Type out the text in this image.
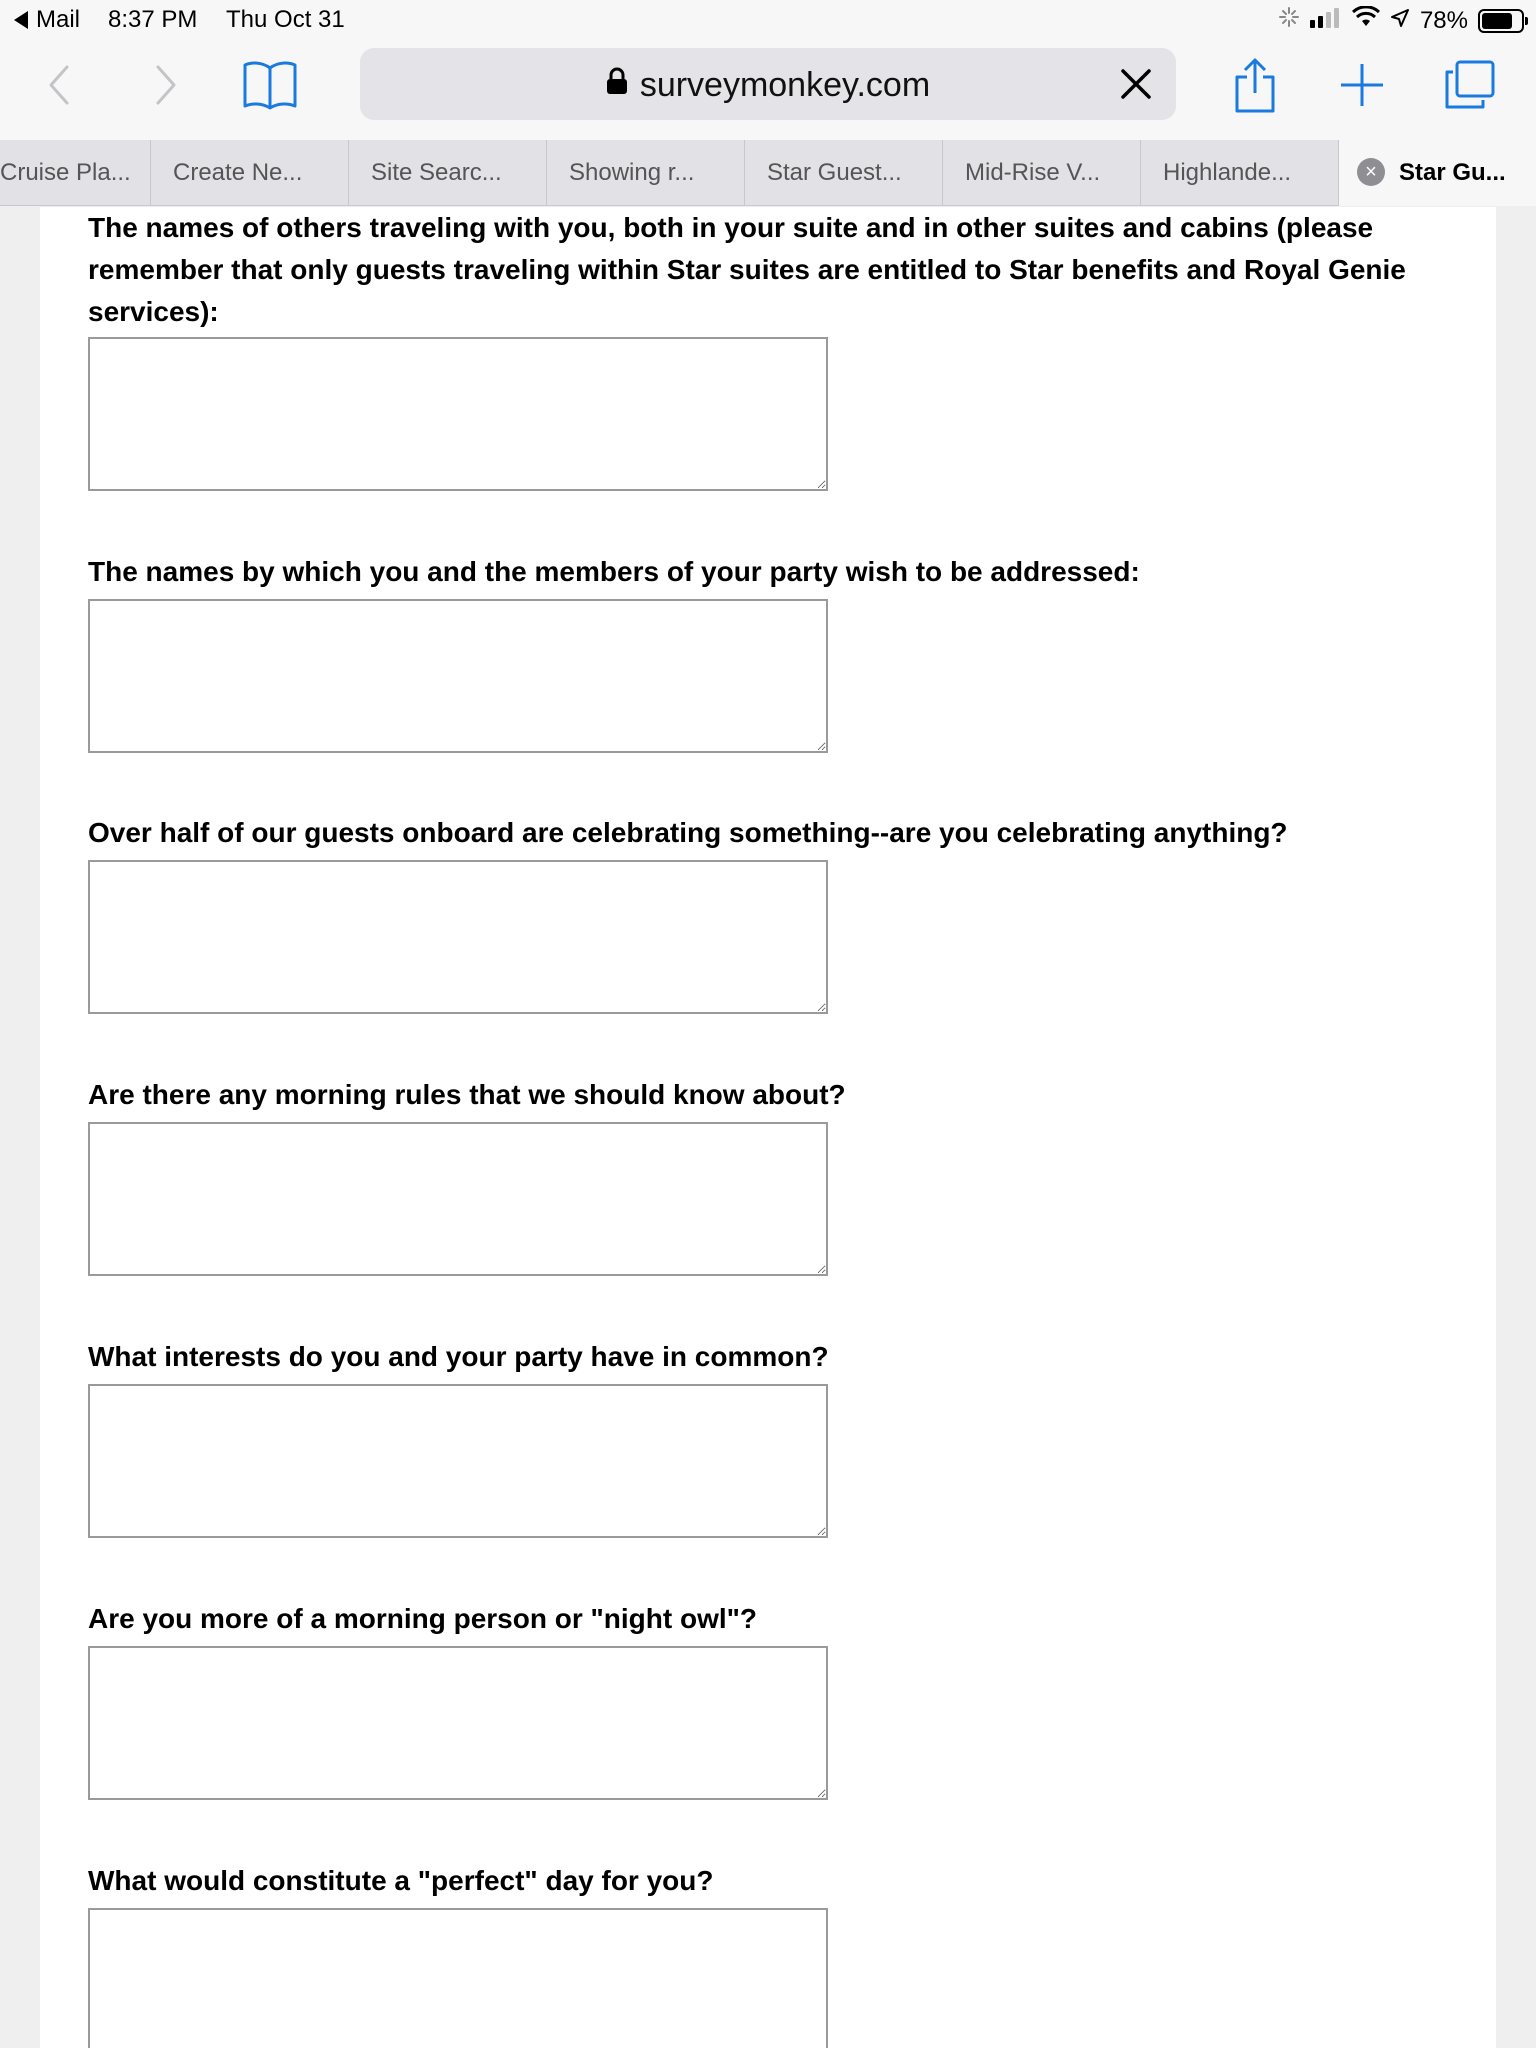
Mail 8:37 PM Thu Oct 31	78%
surveymonkey.com
Cruise Pla...	Create Ne...	Site Searc...	Showing r...	Star Guest...	Mid-Rise V...	Highlande...	× Star Gu...
The names of others traveling with you, both in your suite and in other suites and cabins (please remember that only guests traveling within Star suites are entitled to Star benefits and Royal Genie services):
The names by which you and the members of your party wish to be addressed:
Over half of our guests onboard are celebrating something--are you celebrating anything?
Are there any morning rules that we should know about?
What interests do you and your party have in common?
Are you more of a morning person or "night owl"?
What would constitute a "perfect" day for you?
